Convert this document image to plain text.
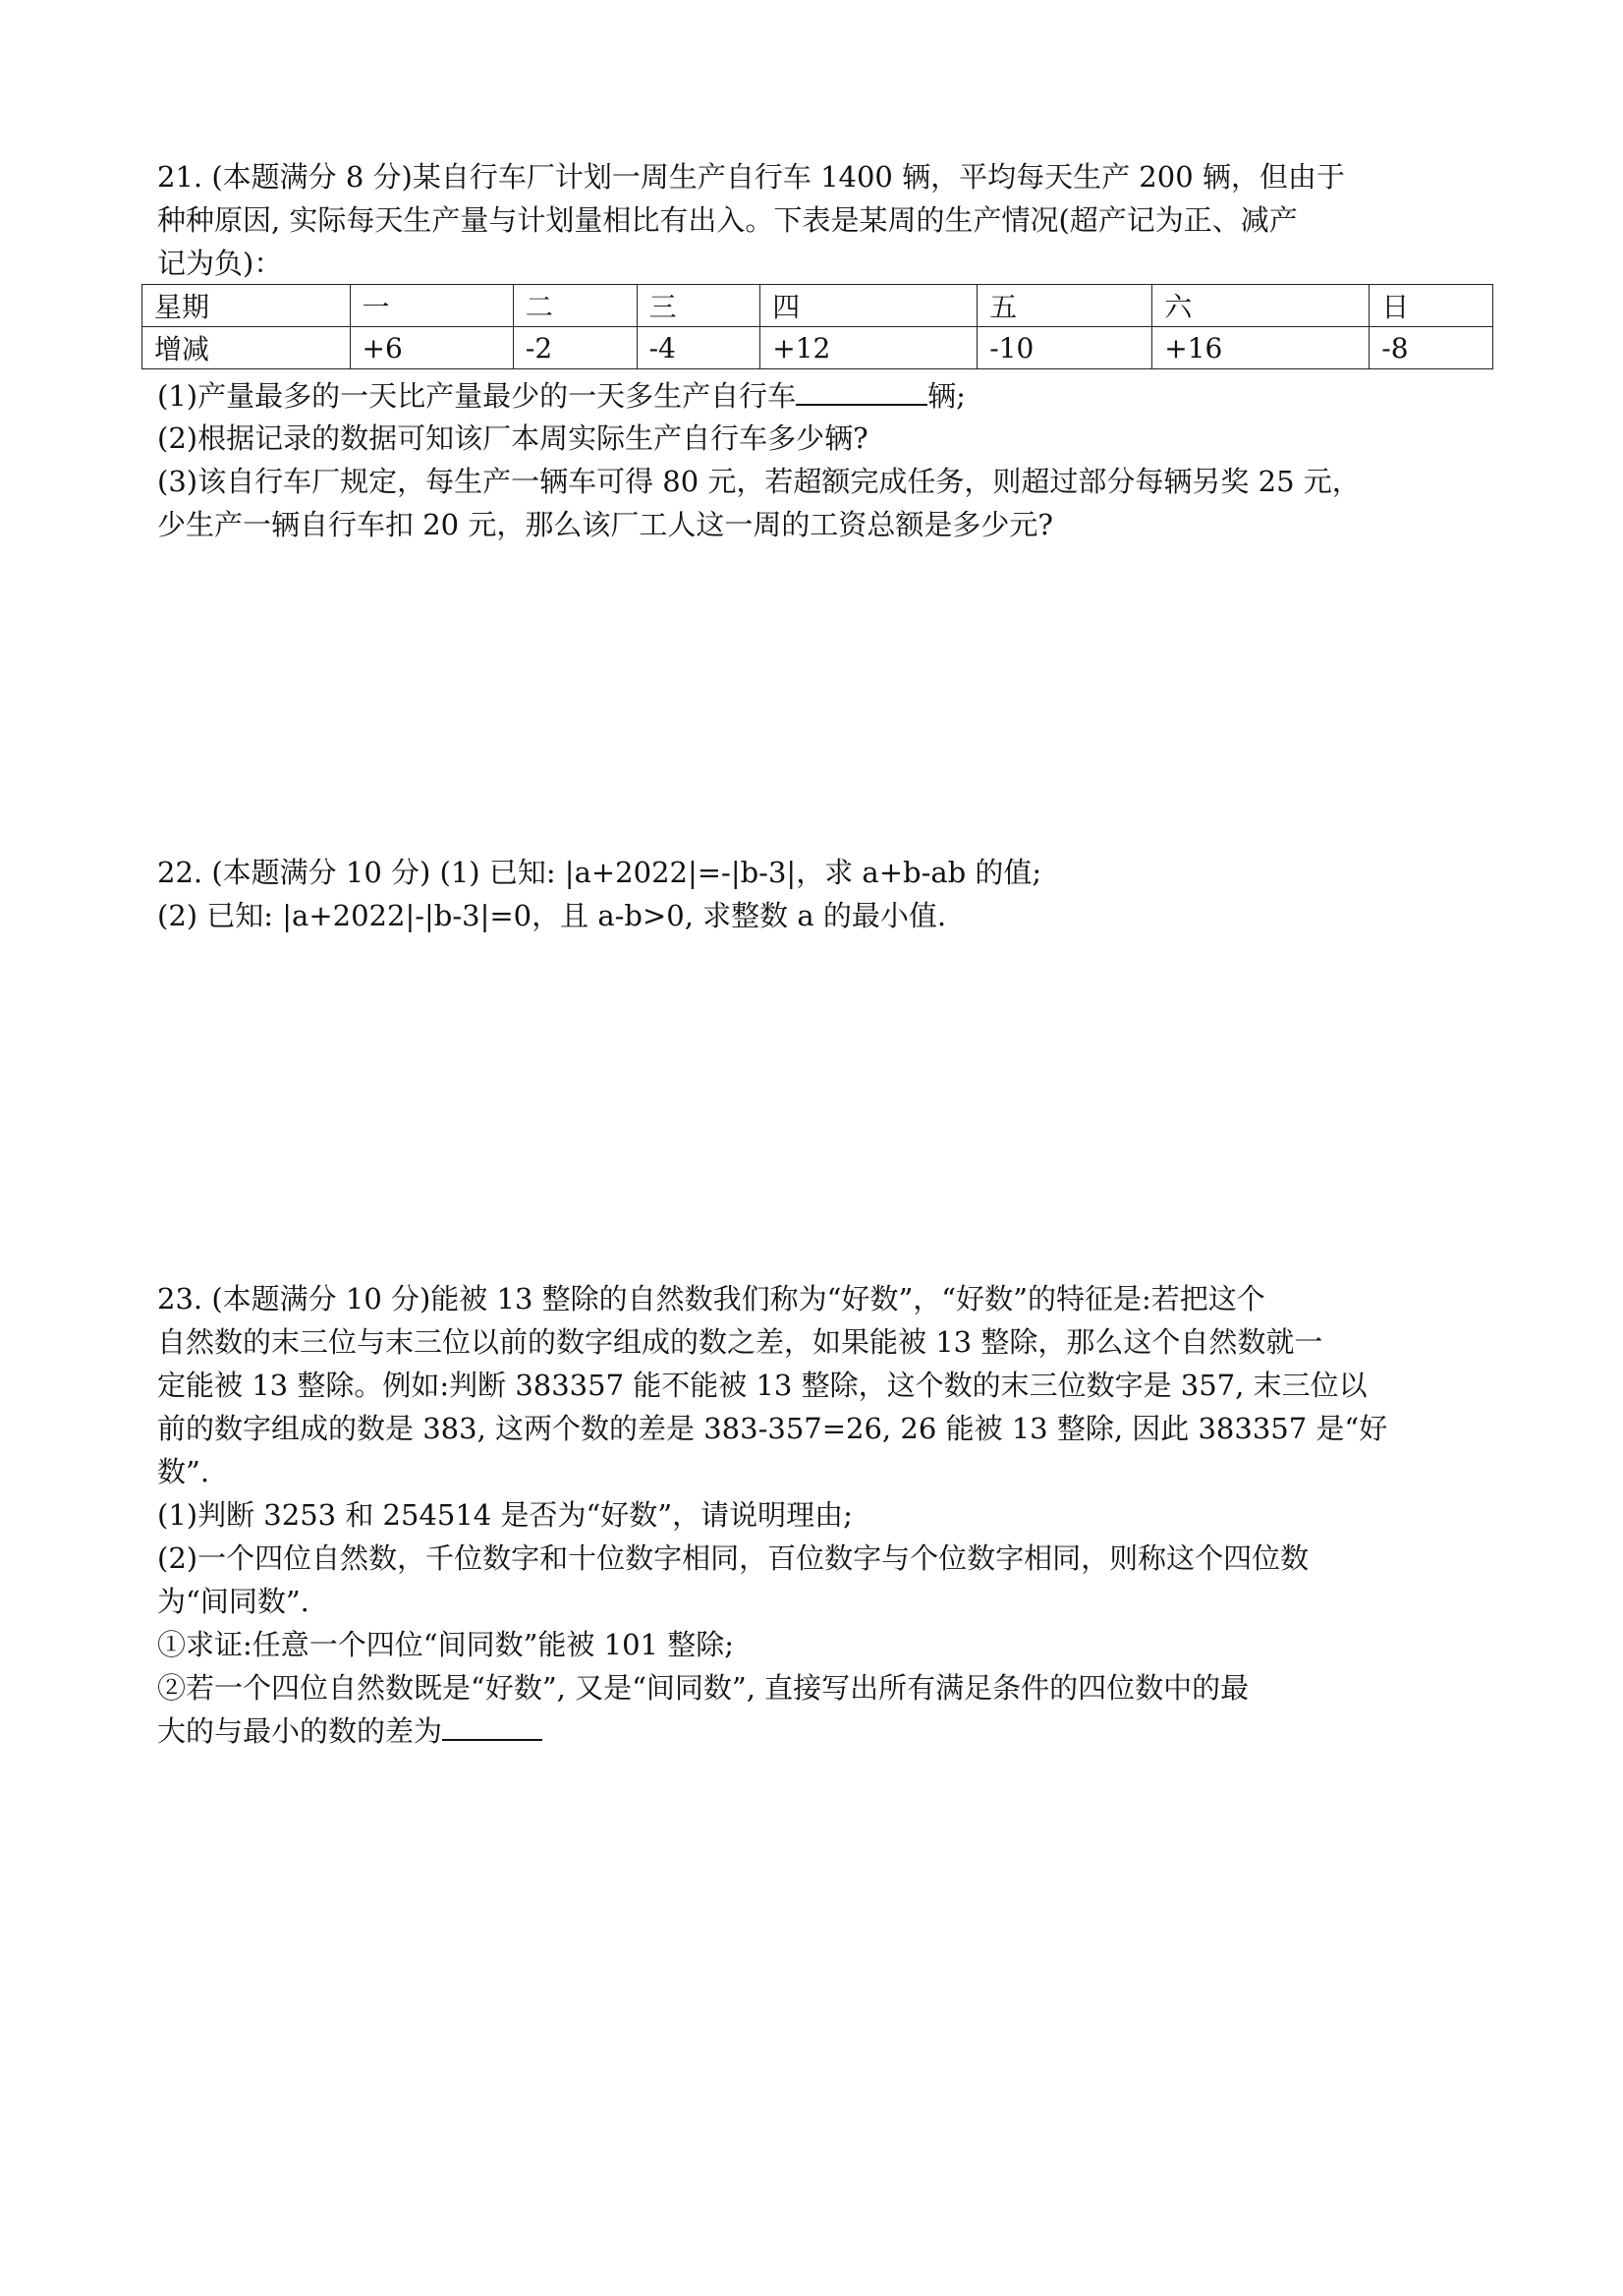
21. (本题满分 8 分)某自行车厂计划一周生产自行车 1400 辆，平均每天生产 200 辆，但由于

种种原因, 实际每天生产量与计划量相比有出入。下表是某周的生产情况(超产记为正、减产

记为负)：

星期	一	二	三	四	五	六	日
增减	+6	-2	-4	+12	-10	+16	-8

(1)产量最多的一天比产量最少的一天多生产自行车	辆;

(2)根据记录的数据可知该厂本周实际生产自行车多少辆?

(3)该自行车厂规定，每生产一辆车可得 80 元，若超额完成任务，则超过部分每辆另奖 25 元，

少生产一辆自行车扣 20 元，那么该厂工人这一周的工资总额是多少元?

22. (本题满分 10 分) (1) 已知: |a+2022|=-|b-3|，求 a+b-ab 的值;

(2) 已知: |a+2022|-|b-3|=0，且 a-b>0, 求整数 a 的最小值.

23. (本题满分 10 分)能被 13 整除的自然数我们称为“好数”，“好数”的特征是:若把这个

自然数的末三位与末三位以前的数字组成的数之差，如果能被 13 整除，那么这个自然数就一

定能被 13 整除。例如:判断 383357 能不能被 13 整除，这个数的末三位数字是 357, 末三位以

前的数字组成的数是 383, 这两个数的差是 383-357=26, 26 能被 13 整除, 因此 383357 是“好

数”.

(1)判断 3253 和 254514 是否为“好数”，请说明理由;

(2)一个四位自然数，千位数字和十位数字相同，百位数字与个位数字相同，则称这个四位数

为“间同数”.

①求证:任意一个四位“间同数”能被 101 整除;

②若一个四位自然数既是“好数”, 又是“间同数”, 直接写出所有满足条件的四位数中的最

大的与最小的数的差为
